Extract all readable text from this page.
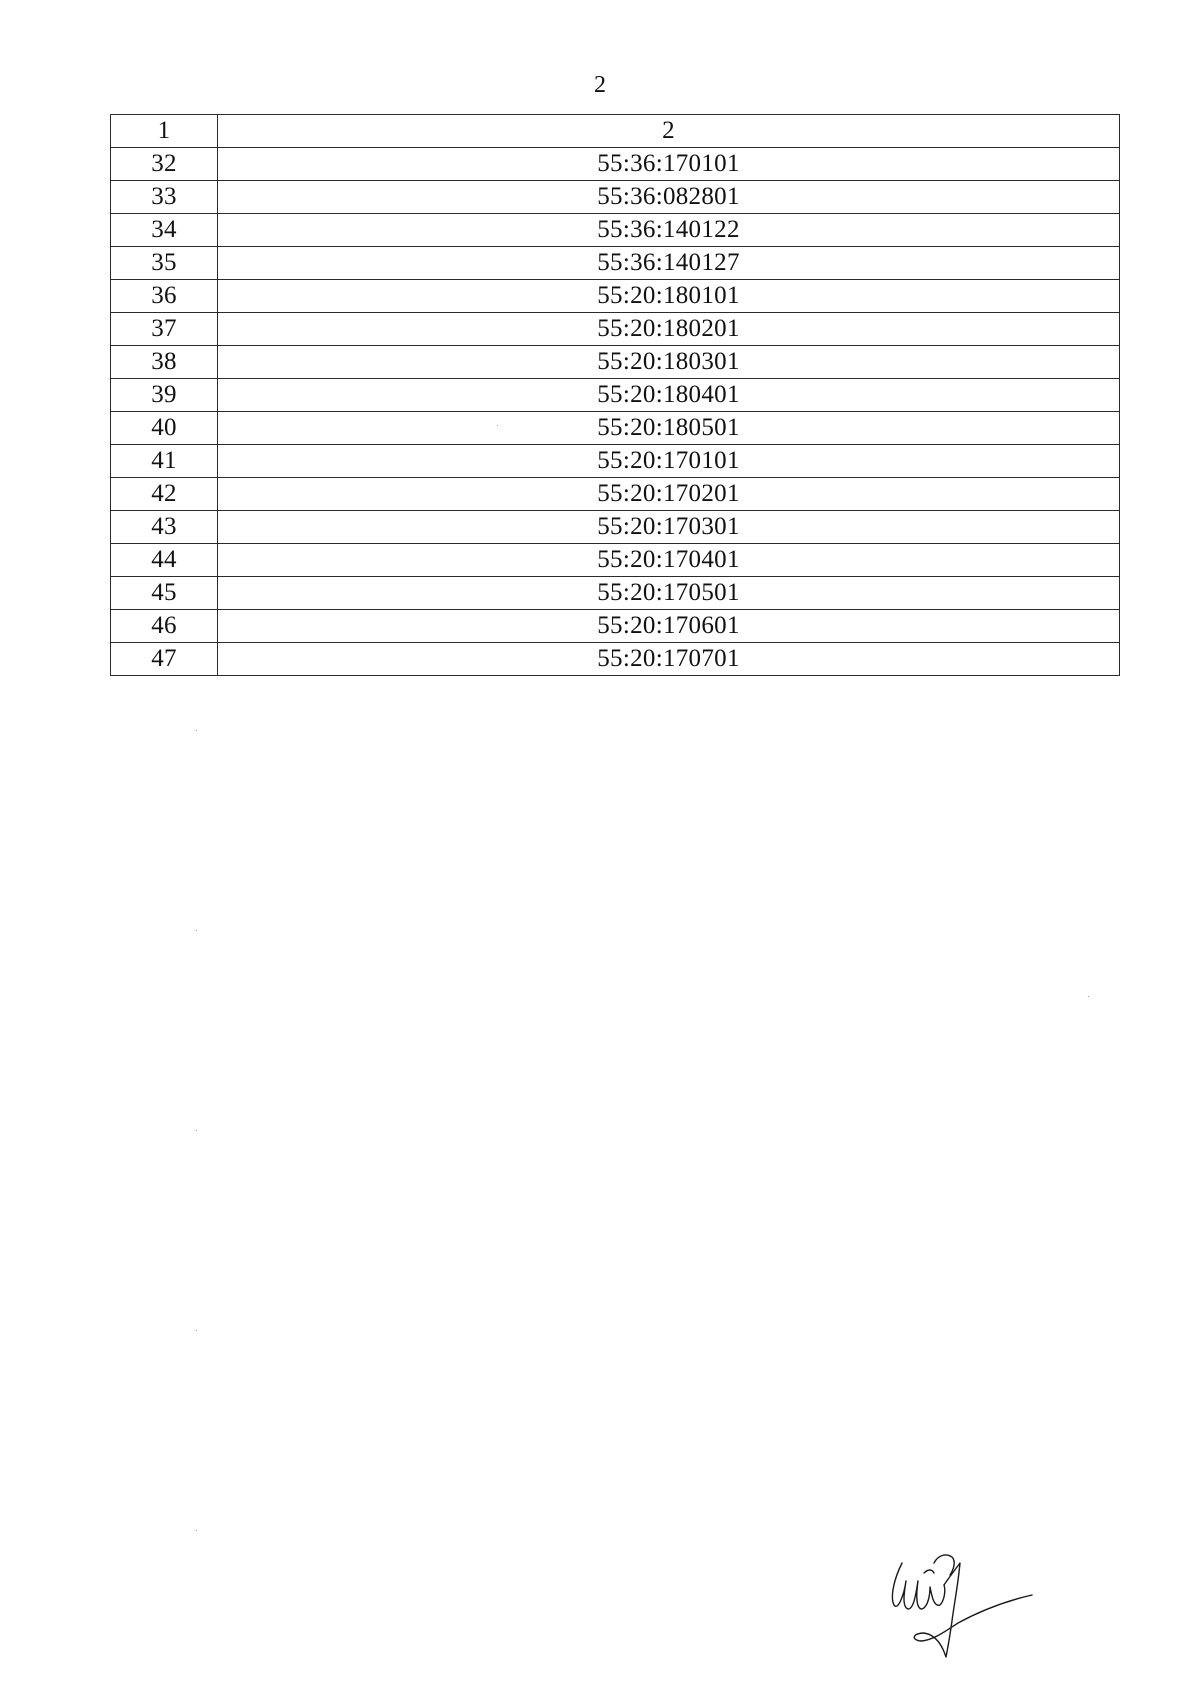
2
1	2
32	55:36:170101
33	55:36:082801
34	55:36:140122
35	55:36:140127
36	55:20:180101
37	55:20:180201
38	55:20:180301
39	55:20:180401
40	55:20:180501
41	55:20:170101
42	55:20:170201
43	55:20:170301
44	55:20:170401
45	55:20:170501
46	55:20:170601
47	55:20:170701
